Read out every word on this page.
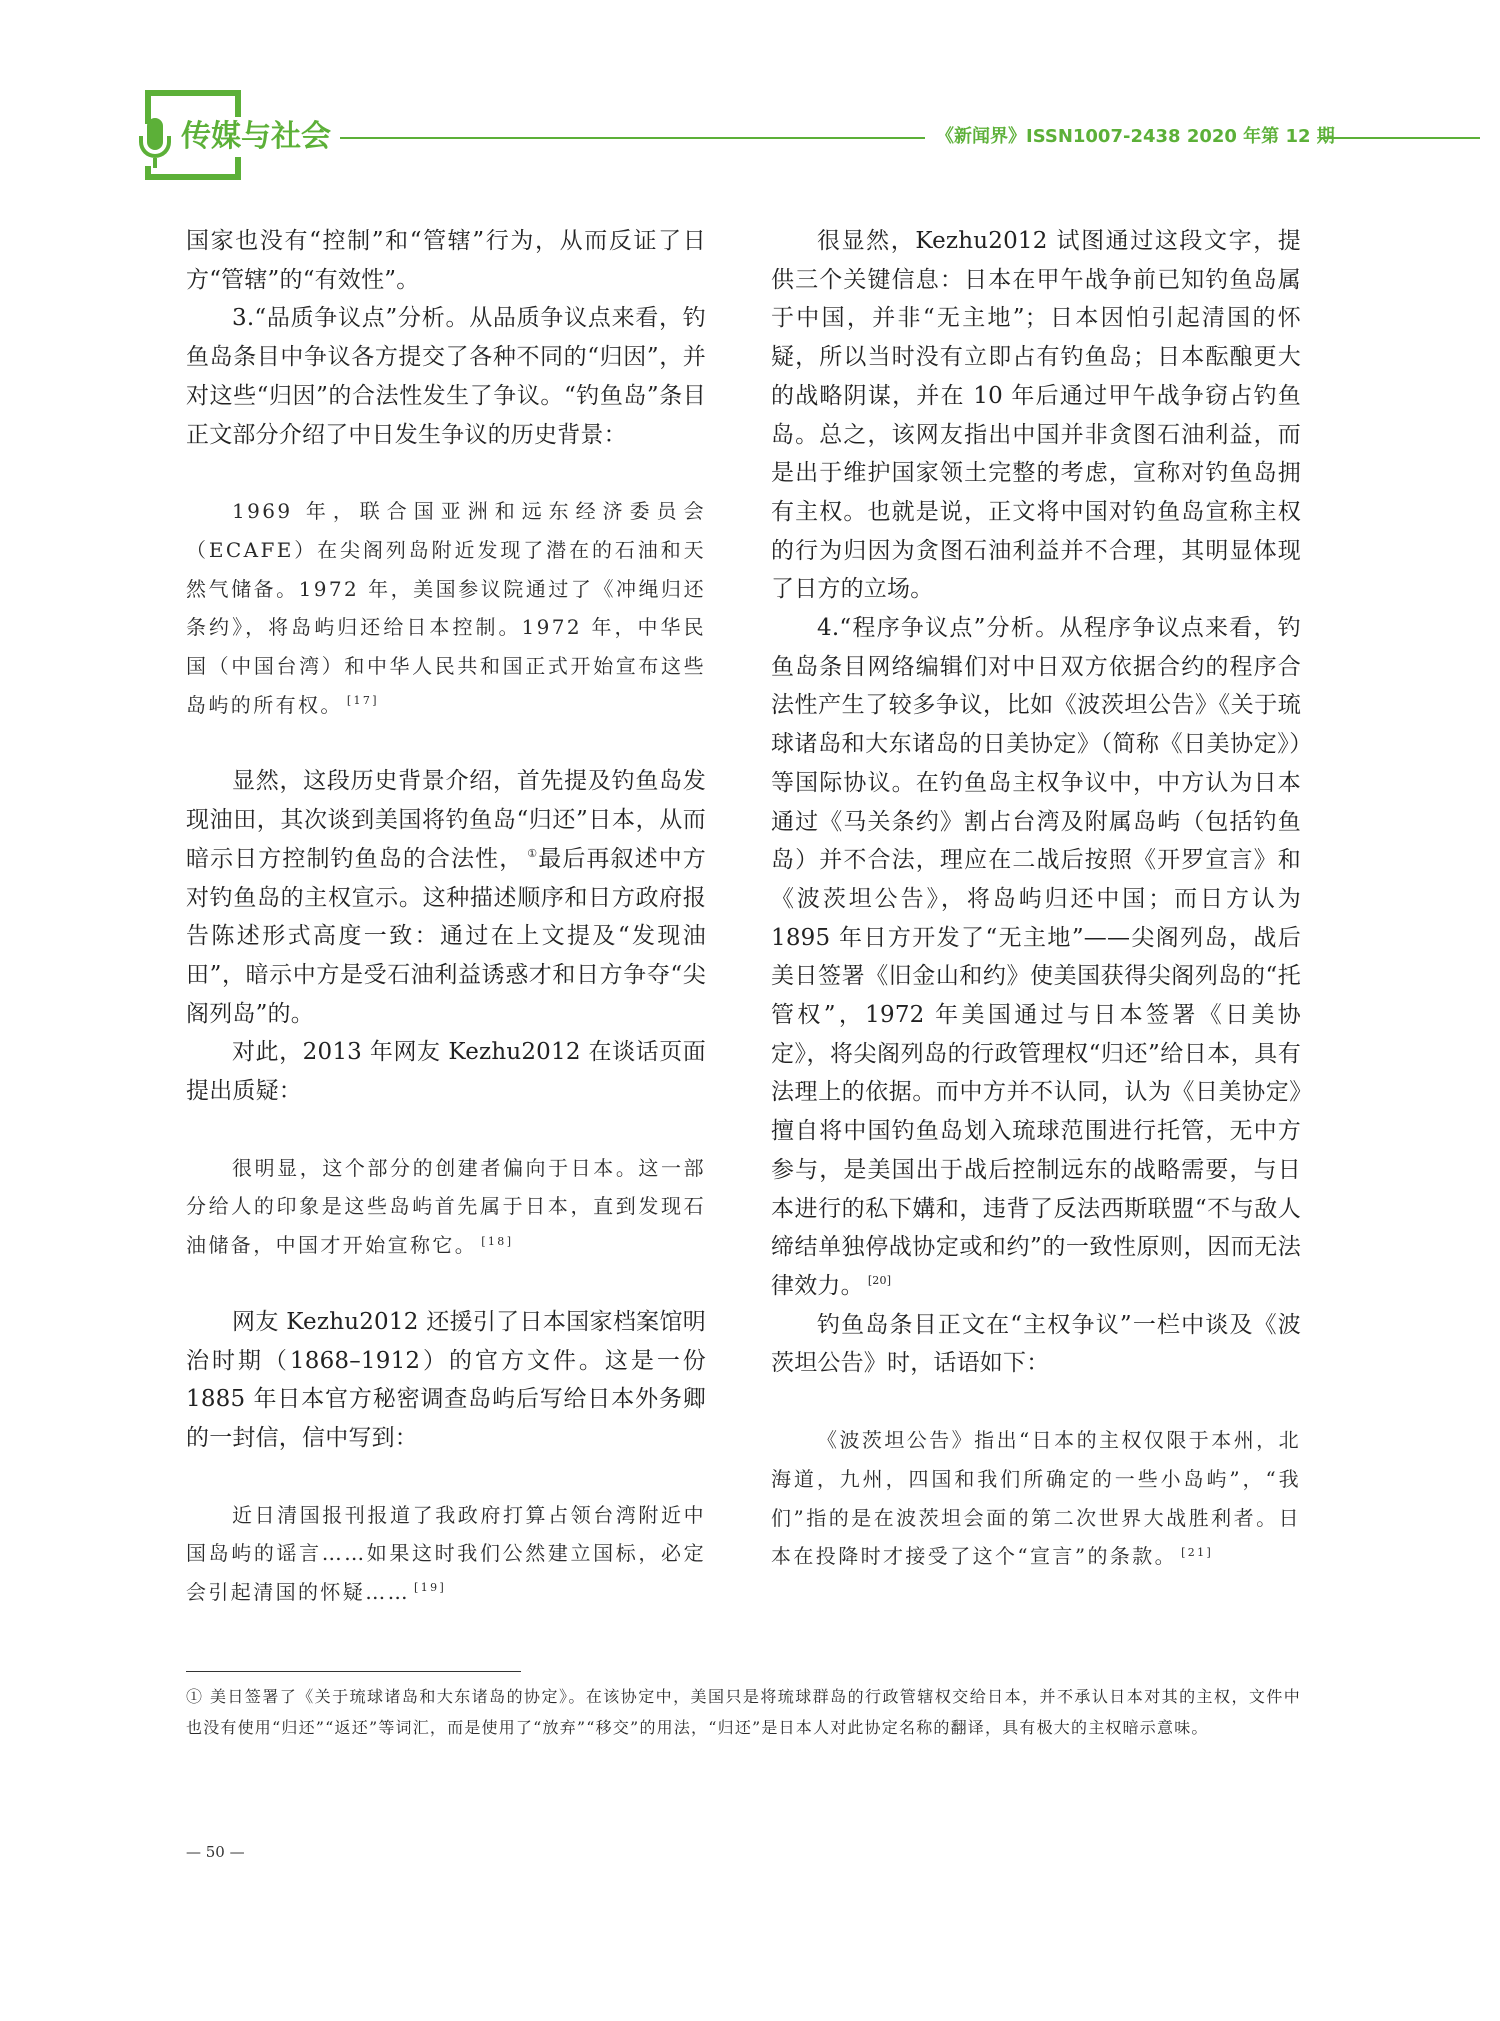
传媒与社会	《新闻界》ISSN1007-2438 2020 年第 12 期

国家也没有“控制”和“管辖”行为，从而反证了日方“管辖”的“有效性”。

3.“品质争议点”分析。从品质争议点来看，钓鱼岛条目中争议各方提交了各种不同的“归因”，并对这些“归因”的合法性发生了争议。“钓鱼岛”条目正文部分介绍了中日发生争议的历史背景：

1969 年，联合国亚洲和远东经济委员会（ECAFE）在尖阁列岛附近发现了潜在的石油和天然气储备。1972 年，美国参议院通过了《冲绳归还条约》，将岛屿归还给日本控制。1972 年，中华民国（中国台湾）和中华人民共和国正式开始宣布这些岛屿的所有权。 [17]

显然，这段历史背景介绍，首先提及钓鱼岛发现油田，其次谈到美国将钓鱼岛“归还”日本，从而暗示日方控制钓鱼岛的合法性， ①最后再叙述中方对钓鱼岛的主权宣示。这种描述顺序和日方政府报告陈述形式高度一致：通过在上文提及“发现油田”，暗示中方是受石油利益诱惑才和日方争夺“尖阁列岛”的。

对此，2013 年网友 Kezhu2012 在谈话页面提出质疑：

很明显，这个部分的创建者偏向于日本。这一部分给人的印象是这些岛屿首先属于日本，直到发现石油储备，中国才开始宣称它。 [18]

网友 Kezhu2012 还援引了日本国家档案馆明治时期（1868–1912）的官方文件。这是一份 1885 年日本官方秘密调查岛屿后写给日本外务卿的一封信，信中写到：

近日清国报刊报道了我政府打算占领台湾附近中国岛屿的谣言……如果这时我们公然建立国标，必定会引起清国的怀疑…… [19]

很显然，Kezhu2012 试图通过这段文字，提供三个关键信息：日本在甲午战争前已知钓鱼岛属于中国，并非“无主地”；日本因怕引起清国的怀疑，所以当时没有立即占有钓鱼岛；日本酝酿更大的战略阴谋，并在 10 年后通过甲午战争窃占钓鱼岛。总之，该网友指出中国并非贪图石油利益，而是出于维护国家领土完整的考虑，宣称对钓鱼岛拥有主权。也就是说，正文将中国对钓鱼岛宣称主权的行为归因为贪图石油利益并不合理，其明显体现了日方的立场。

4.“程序争议点”分析。从程序争议点来看，钓鱼岛条目网络编辑们对中日双方依据合约的程序合法性产生了较多争议，比如《波茨坦公告》《关于琉球诸岛和大东诸岛的日美协定》（简称《日美协定》）等国际协议。在钓鱼岛主权争议中，中方认为日本通过《马关条约》割占台湾及附属岛屿（包括钓鱼岛）并不合法，理应在二战后按照《开罗宣言》和《波茨坦公告》，将岛屿归还中国；而日方认为 1895 年日方开发了“无主地”——尖阁列岛，战后美日签署《旧金山和约》使美国获得尖阁列岛的“托管权”，1972 年美国通过与日本签署《日美协定》，将尖阁列岛的行政管理权“归还”给日本，具有法理上的依据。而中方并不认同，认为《日美协定》擅自将中国钓鱼岛划入琉球范围进行托管，无中方参与，是美国出于战后控制远东的战略需要，与日本进行的私下媾和，违背了反法西斯联盟“不与敌人缔结单独停战协定或和约”的一致性原则，因而无法律效力。 [20]

钓鱼岛条目正文在“主权争议”一栏中谈及《波茨坦公告》时，话语如下：

《波茨坦公告》指出“日本的主权仅限于本州，北海道，九州，四国和我们所确定的一些小岛屿”，“我们”指的是在波茨坦会面的第二次世界大战胜利者。日本在投降时才接受了这个“宣言”的条款。 [21]

① 美日签署了《关于琉球诸岛和大东诸岛的协定》。在该协定中，美国只是将琉球群岛的行政管辖权交给日本，并不承认日本对其的主权，文件中也没有使用“归还”“返还”等词汇，而是使用了“放弃”“移交”的用法，“归还”是日本人对此协定名称的翻译，具有极大的主权暗示意味。

— 50 —
